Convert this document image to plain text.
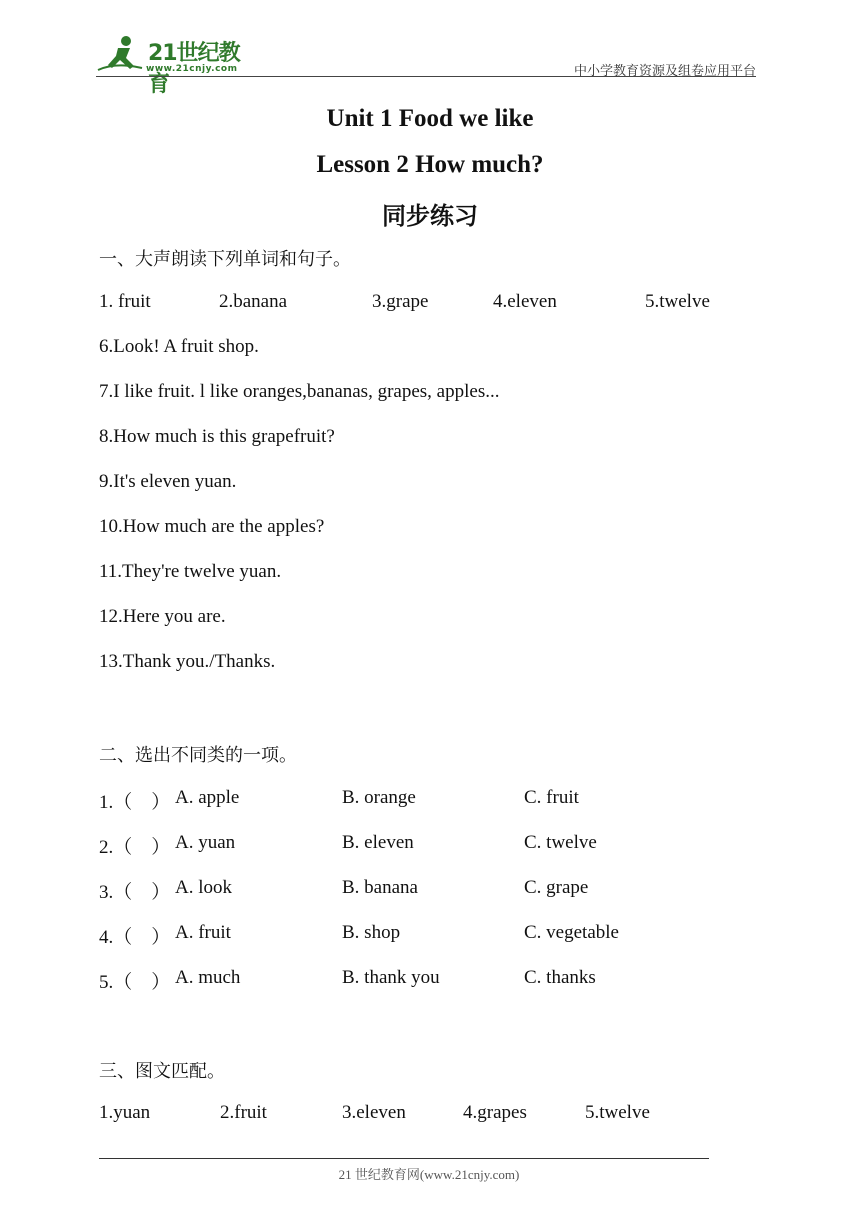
21世纪教育
www.21cnjy.com	中小学教育资源及组卷应用平台
Unit 1 Food we like
Lesson 2 How much?
同步练习
一、大声朗读下列单词和句子。
1. fruit	2.banana	3.grape	4.eleven	5.twelve
6.Look! A fruit shop.
7.I like fruit. l like oranges,bananas, grapes, apples...
8.How much is this grapefruit?
9.It's eleven yuan.
10.How much are the apples?
11.They're twelve yuan.
12.Here you are.
13.Thank you./Thanks.
二、选出不同类的一项。
1.（　） A. apple	B. orange	C. fruit
2.（　） A. yuan	B. eleven	C. twelve
3.（　） A. look	B. banana	C. grape
4.（　） A. fruit	B. shop	C. vegetable
5.（　） A. much	B. thank you	C. thanks
三、图文匹配。
1.yuan	2.fruit	3.eleven	4.grapes	5.twelve
21 世纪教育网(www.21cnjy.com)
